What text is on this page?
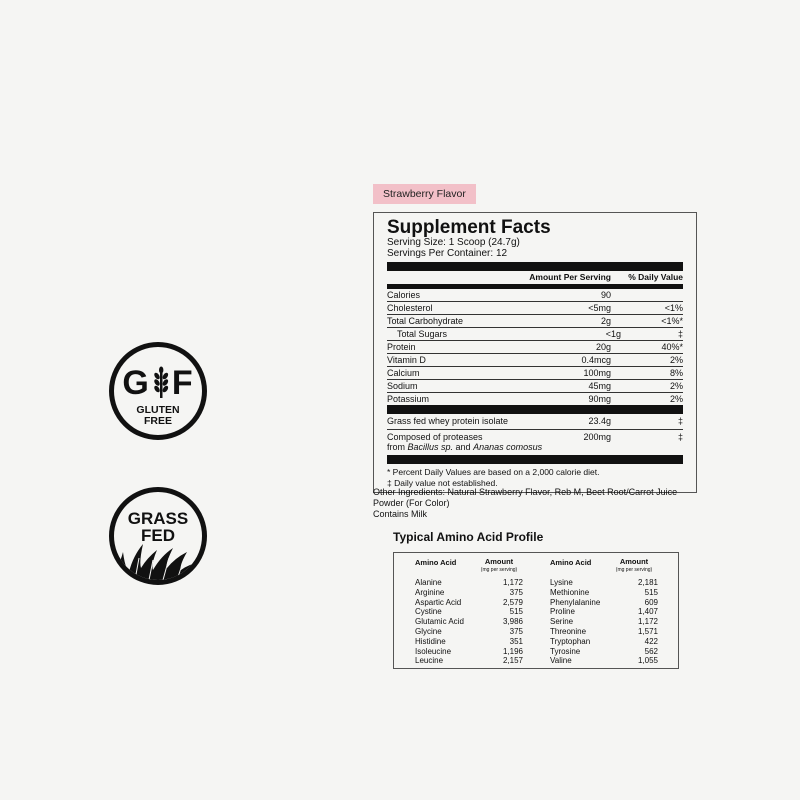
G F
GLUTEN
FREE
GRASS
FED
Strawberry Flavor
Supplement Facts
Serving Size: 1 Scoop (24.7g)
Servings Per Container: 12
Amount Per Serving	% Daily Value
Calories	90
Cholesterol	<5mg	<1%
Total Carbohydrate	2g	<1%*
Total Sugars	<1g	‡
Protein	20g	40%*
Vitamin D	0.4mcg	2%
Calcium	100mg	8%
Sodium	45mg	2%
Potassium	90mg	2%
Grass fed whey protein isolate	23.4g	‡
Composed of proteases
from Bacillus sp. and Ananas comosus
200mg	‡
* Percent Daily Values are based on a 2,000 calorie diet.
‡ Daily value not established.
Other Ingredients: Natural Strawberry Flavor, Reb M, Beet Root/Carrot Juice Powder (For Color)
Contains Milk
Typical Amino Acid Profile
Amino Acid	Amount
(mg per serving)
Alanine	1,172
Arginine	375
Aspartic Acid	2,579
Cystine	515
Glutamic Acid	3,986
Glycine	375
Histidine	351
Isoleucine	1,196
Leucine	2,157
Amino Acid	Amount
(mg per serving)
Lysine	2,181
Methionine	515
Phenylalanine	609
Proline	1,407
Serine	1,172
Threonine	1,571
Tryptophan	422
Tyrosine	562
Valine	1,055
